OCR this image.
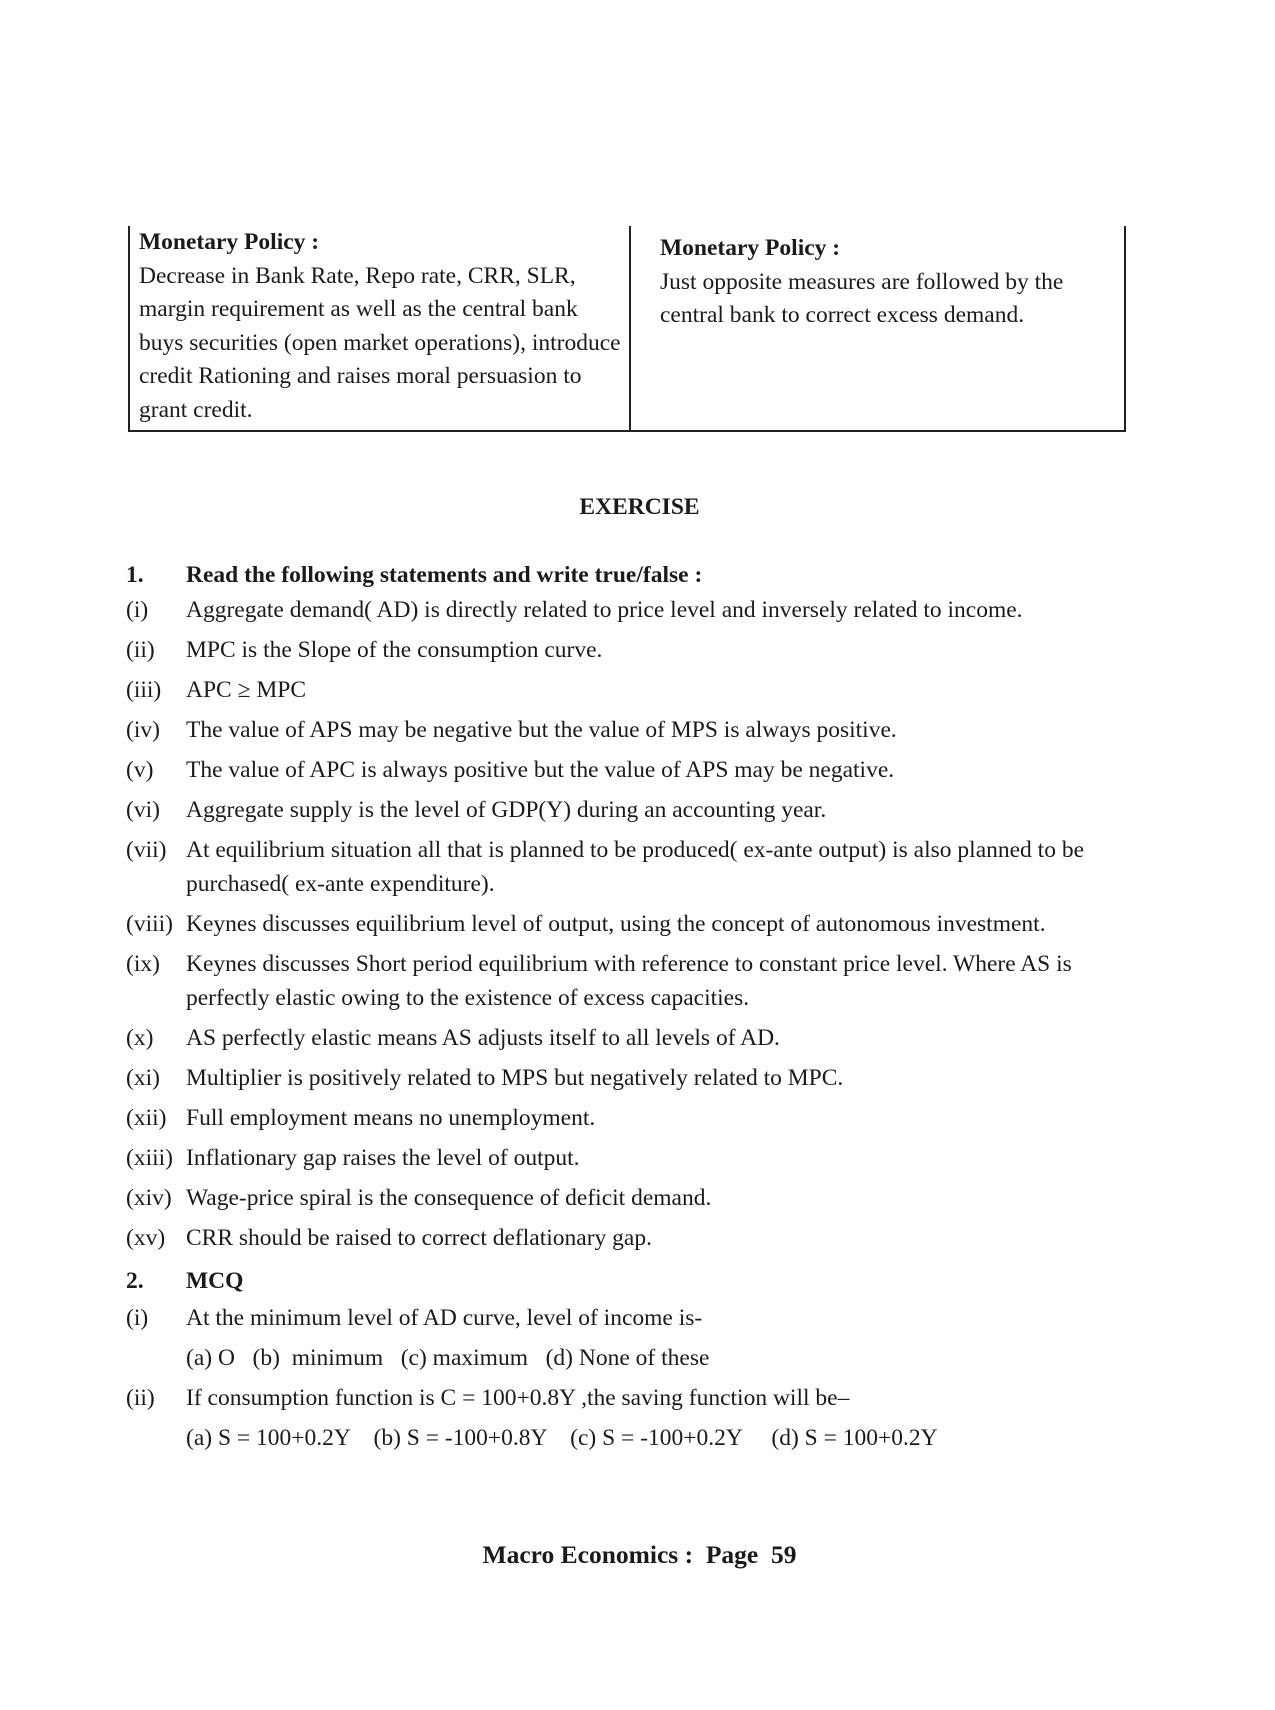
Monetary Policy :
Decrease in Bank Rate, Repo rate, CRR, SLR, margin requirement as well as the central bank buys securities (open market operations), introduce credit Rationing and raises moral persuasion to grant credit.
Monetary Policy :
Just opposite measures are followed by the central bank to correct excess demand.
EXERCISE
1. Read the following statements and write true/false :
(i) Aggregate demand( AD) is directly related to price level and inversely related to income.
(ii) MPC is the Slope of the consumption curve.
(iii) APC ≥ MPC
(iv) The value of APS may be negative but the value of MPS is always positive.
(v) The value of APC is always positive but the value of APS may be negative.
(vi) Aggregate supply is the level of GDP(Y) during an accounting year.
(vii) At equilibrium situation all that is planned to be produced( ex-ante output) is also planned to be purchased( ex-ante expenditure).
(viii) Keynes discusses equilibrium level of output, using the concept of autonomous investment.
(ix) Keynes discusses Short period equilibrium with reference to constant price level. Where AS is perfectly elastic owing to the existence of excess capacities.
(x) AS perfectly elastic means AS adjusts itself to all levels of AD.
(xi) Multiplier is positively related to MPS but negatively related to MPC.
(xii) Full employment means no unemployment.
(xiii) Inflationary gap raises the level of output.
(xiv) Wage-price spiral is the consequence of deficit demand.
(xv) CRR should be raised to correct deflationary gap.
2. MCQ
(i) At the minimum level of AD curve, level of income is-
(a) O   (b)  minimum   (c) maximum   (d) None of these
(ii) If consumption function is C = 100+0.8Y ,the saving function will be–
(a) S = 100+0.2Y    (b) S = -100+0.8Y    (c) S = -100+0.2Y     (d) S = 100+0.2Y
Macro Economics :  Page  59
